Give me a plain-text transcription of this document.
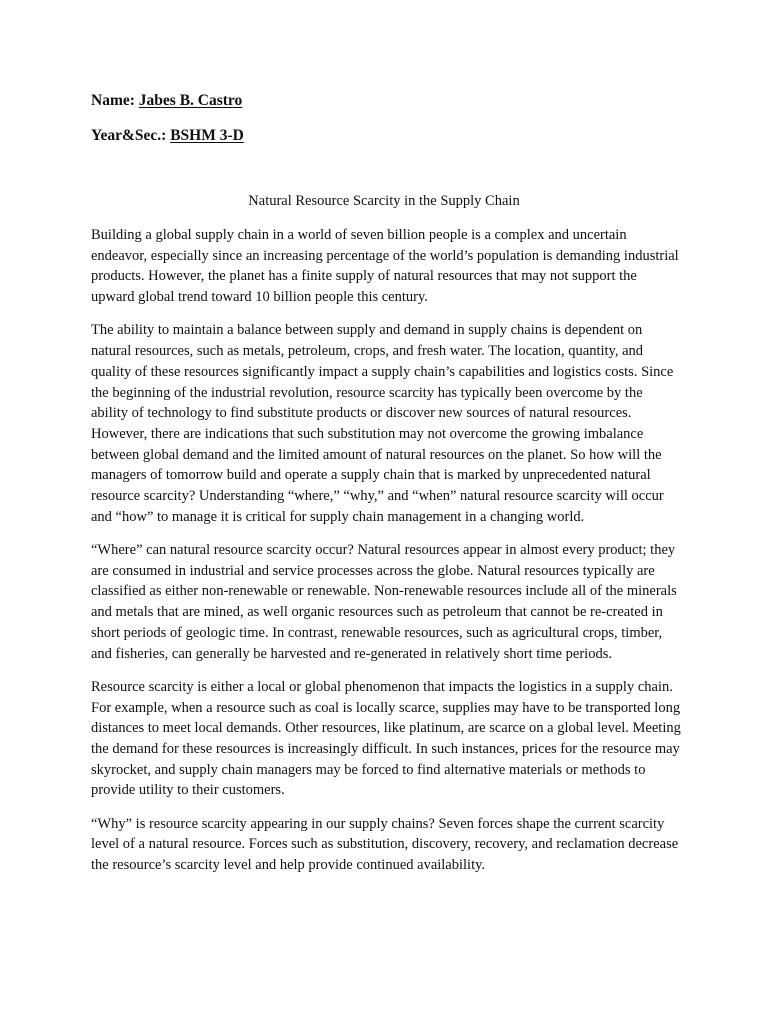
Name: Jabes B. Castro
Year&Sec.: BSHM 3-D
Natural Resource Scarcity in the Supply Chain

Building a global supply chain in a world of seven billion people is a complex and uncertain endeavor, especially since an increasing percentage of the world’s population is demanding industrial products. However, the planet has a finite supply of natural resources that may not support the upward global trend toward 10 billion people this century.

The ability to maintain a balance between supply and demand in supply chains is dependent on natural resources, such as metals, petroleum, crops, and fresh water. The location, quantity, and quality of these resources significantly impact a supply chain’s capabilities and logistics costs. Since the beginning of the industrial revolution, resource scarcity has typically been overcome by the ability of technology to find substitute products or discover new sources of natural resources. However, there are indications that such substitution may not overcome the growing imbalance between global demand and the limited amount of natural resources on the planet. So how will the managers of tomorrow build and operate a supply chain that is marked by unprecedented natural resource scarcity? Understanding “where,” “why,” and “when” natural resource scarcity will occur and “how” to manage it is critical for supply chain management in a changing world.

“Where” can natural resource scarcity occur? Natural resources appear in almost every product; they are consumed in industrial and service processes across the globe. Natural resources typically are classified as either non-renewable or renewable. Non-renewable resources include all of the minerals and metals that are mined, as well organic resources such as petroleum that cannot be re-created in short periods of geologic time. In contrast, renewable resources, such as agricultural crops, timber, and fisheries, can generally be harvested and re-generated in relatively short time periods.

Resource scarcity is either a local or global phenomenon that impacts the logistics in a supply chain. For example, when a resource such as coal is locally scarce, supplies may have to be transported long distances to meet local demands. Other resources, like platinum, are scarce on a global level. Meeting the demand for these resources is increasingly difficult. In such instances, prices for the resource may skyrocket, and supply chain managers may be forced to find alternative materials or methods to provide utility to their customers.

“Why” is resource scarcity appearing in our supply chains? Seven forces shape the current scarcity level of a natural resource. Forces such as substitution, discovery, recovery, and reclamation decrease the resource’s scarcity level and help provide continued availability.
